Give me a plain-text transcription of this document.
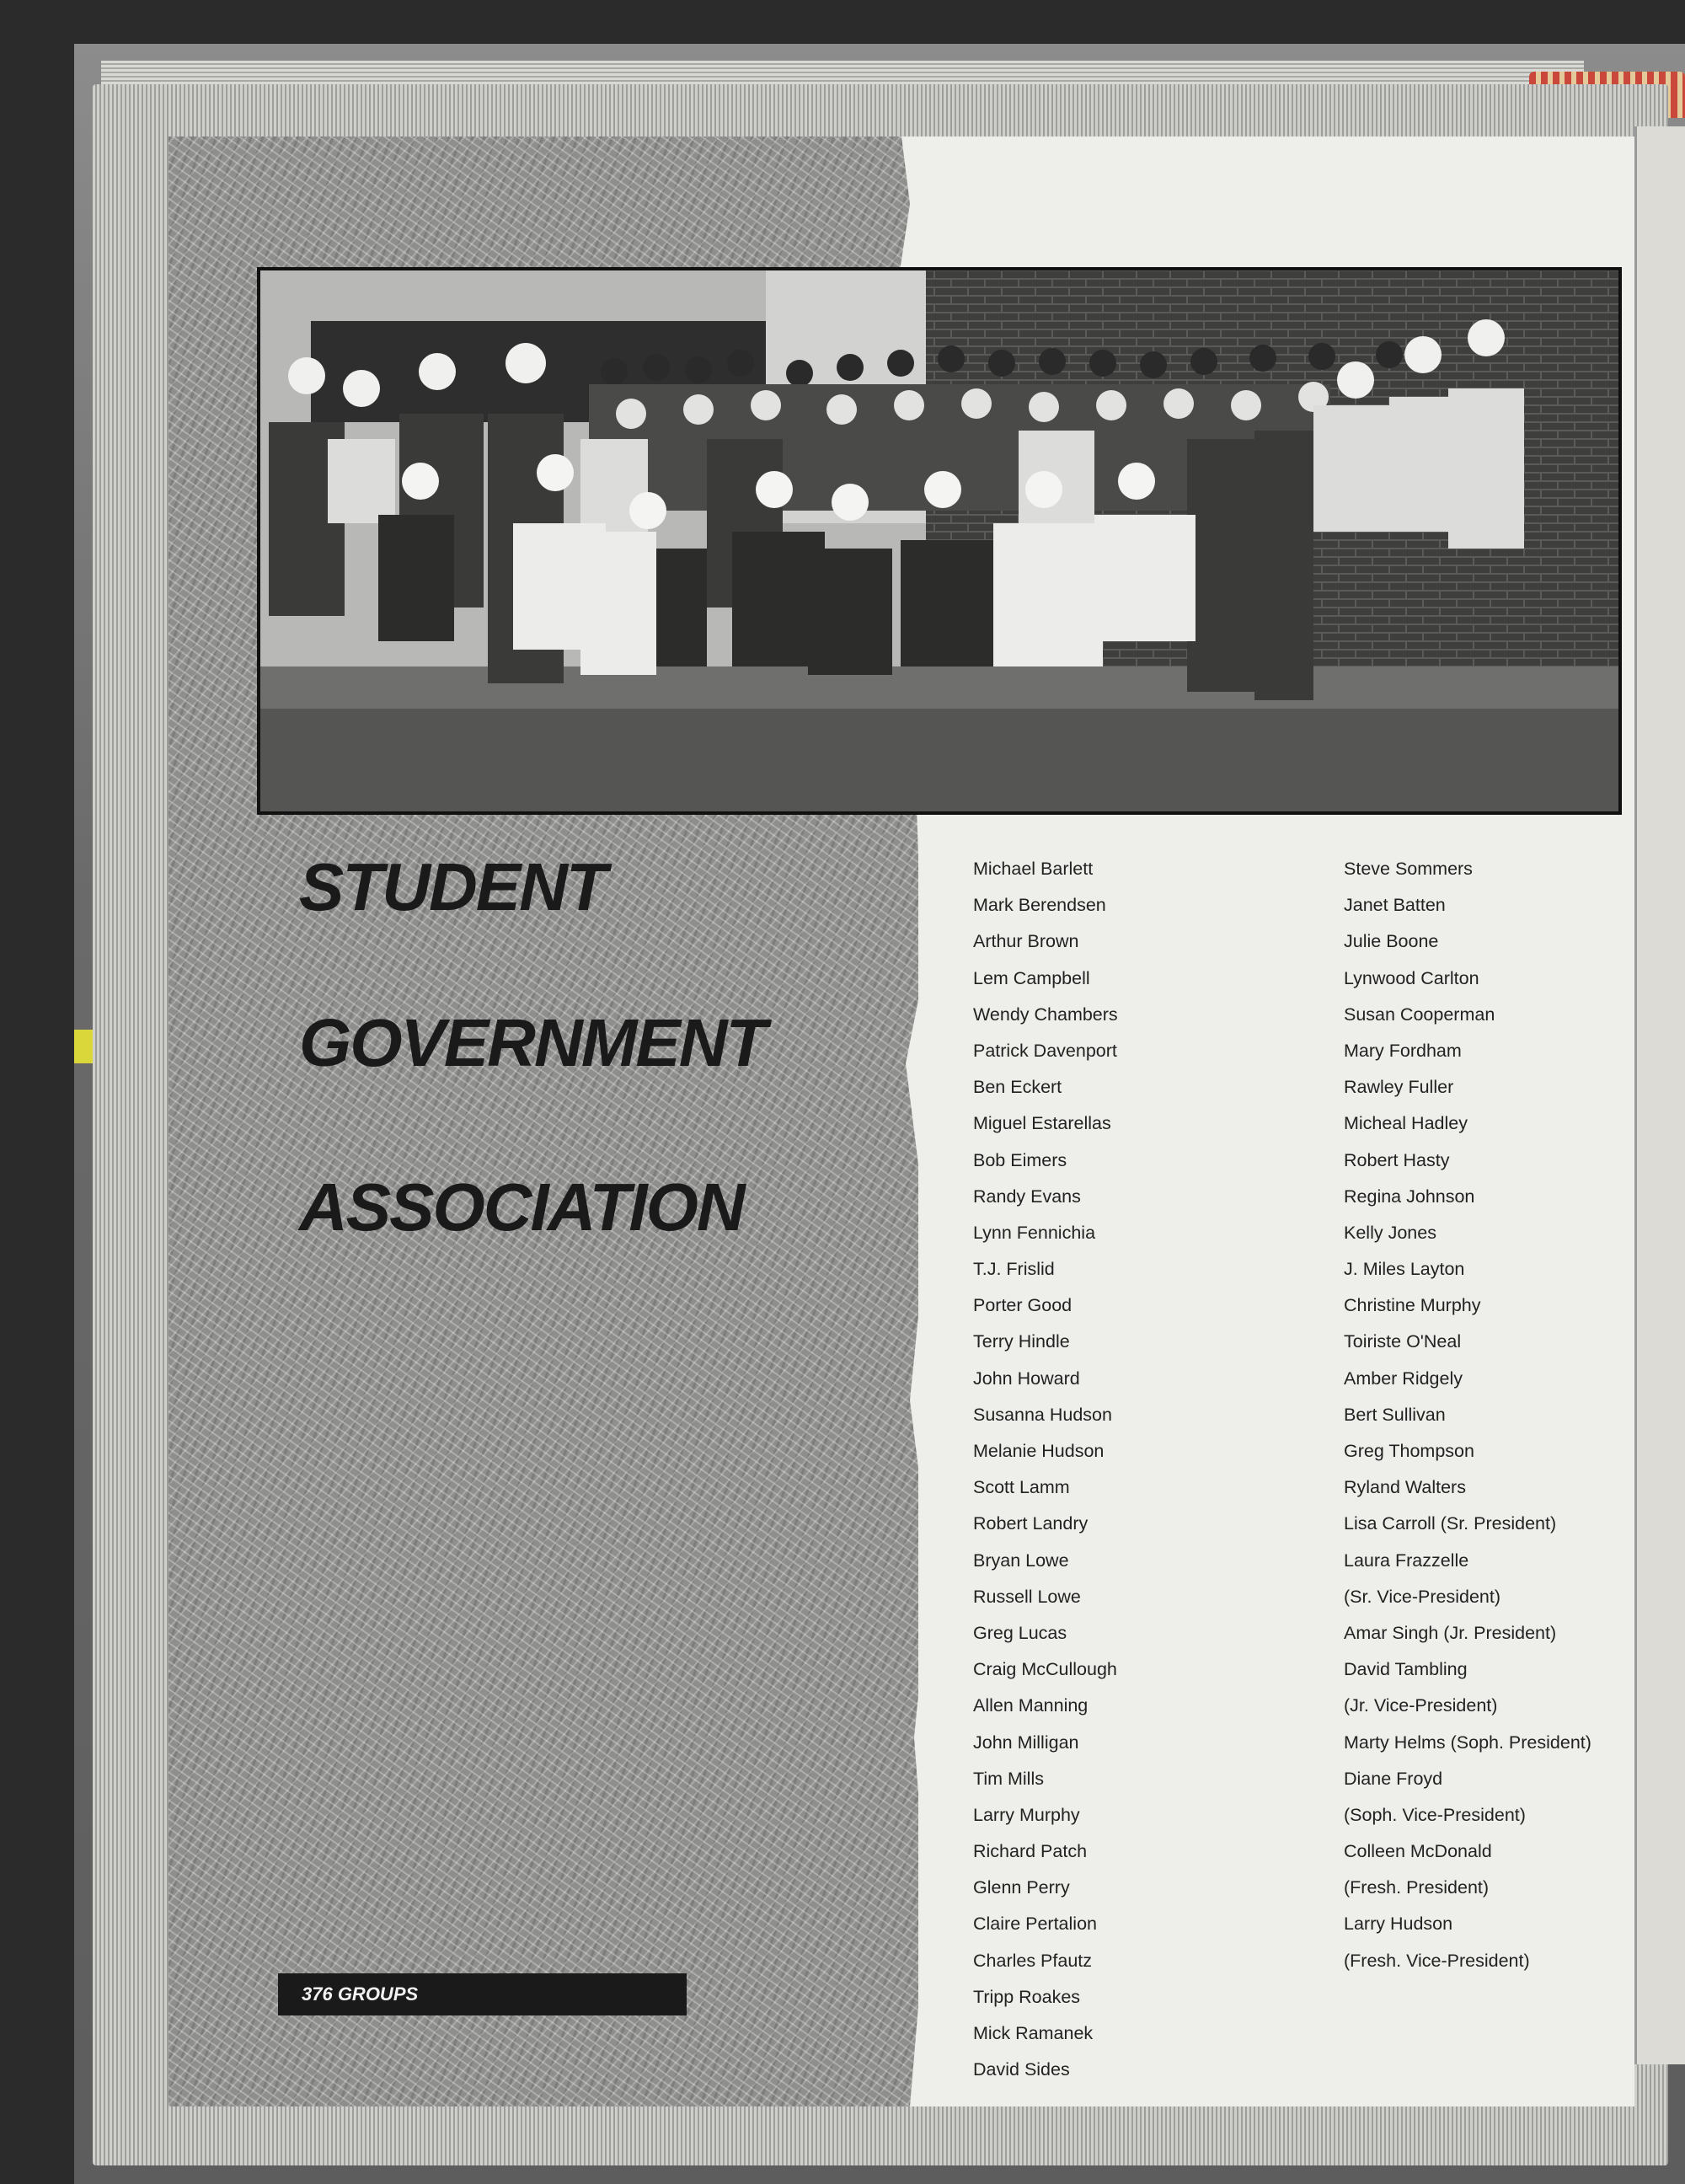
STUDENT
GOVERNMENT
ASSOCIATION
Michael Barlett
Mark Berendsen
Arthur Brown
Lem Campbell
Wendy Chambers
Patrick Davenport
Ben Eckert
Miguel Estarellas
Bob Eimers
Randy Evans
Lynn Fennichia
T.J. Frislid
Porter Good
Terry Hindle
John Howard
Susanna Hudson
Melanie Hudson
Scott Lamm
Robert Landry
Bryan Lowe
Russell Lowe
Greg Lucas
Craig McCullough
Allen Manning
John Milligan
Tim Mills
Larry Murphy
Richard Patch
Glenn Perry
Claire Pertalion
Charles Pfautz
Tripp Roakes
Mick Ramanek
David Sides
Steve Sommers
Janet Batten
Julie Boone
Lynwood Carlton
Susan Cooperman
Mary Fordham
Rawley Fuller
Micheal Hadley
Robert Hasty
Regina Johnson
Kelly Jones
J. Miles Layton
Christine Murphy
Toiriste O'Neal
Amber Ridgely
Bert Sullivan
Greg Thompson
Ryland Walters
Lisa Carroll (Sr. President)
Laura Frazzelle
(Sr. Vice-President)
Amar Singh (Jr. President)
David Tambling
(Jr. Vice-President)
Marty Helms (Soph. President)
Diane Froyd
(Soph. Vice-President)
Colleen McDonald
(Fresh. President)
Larry Hudson
(Fresh. Vice-President)
376 GROUPS
